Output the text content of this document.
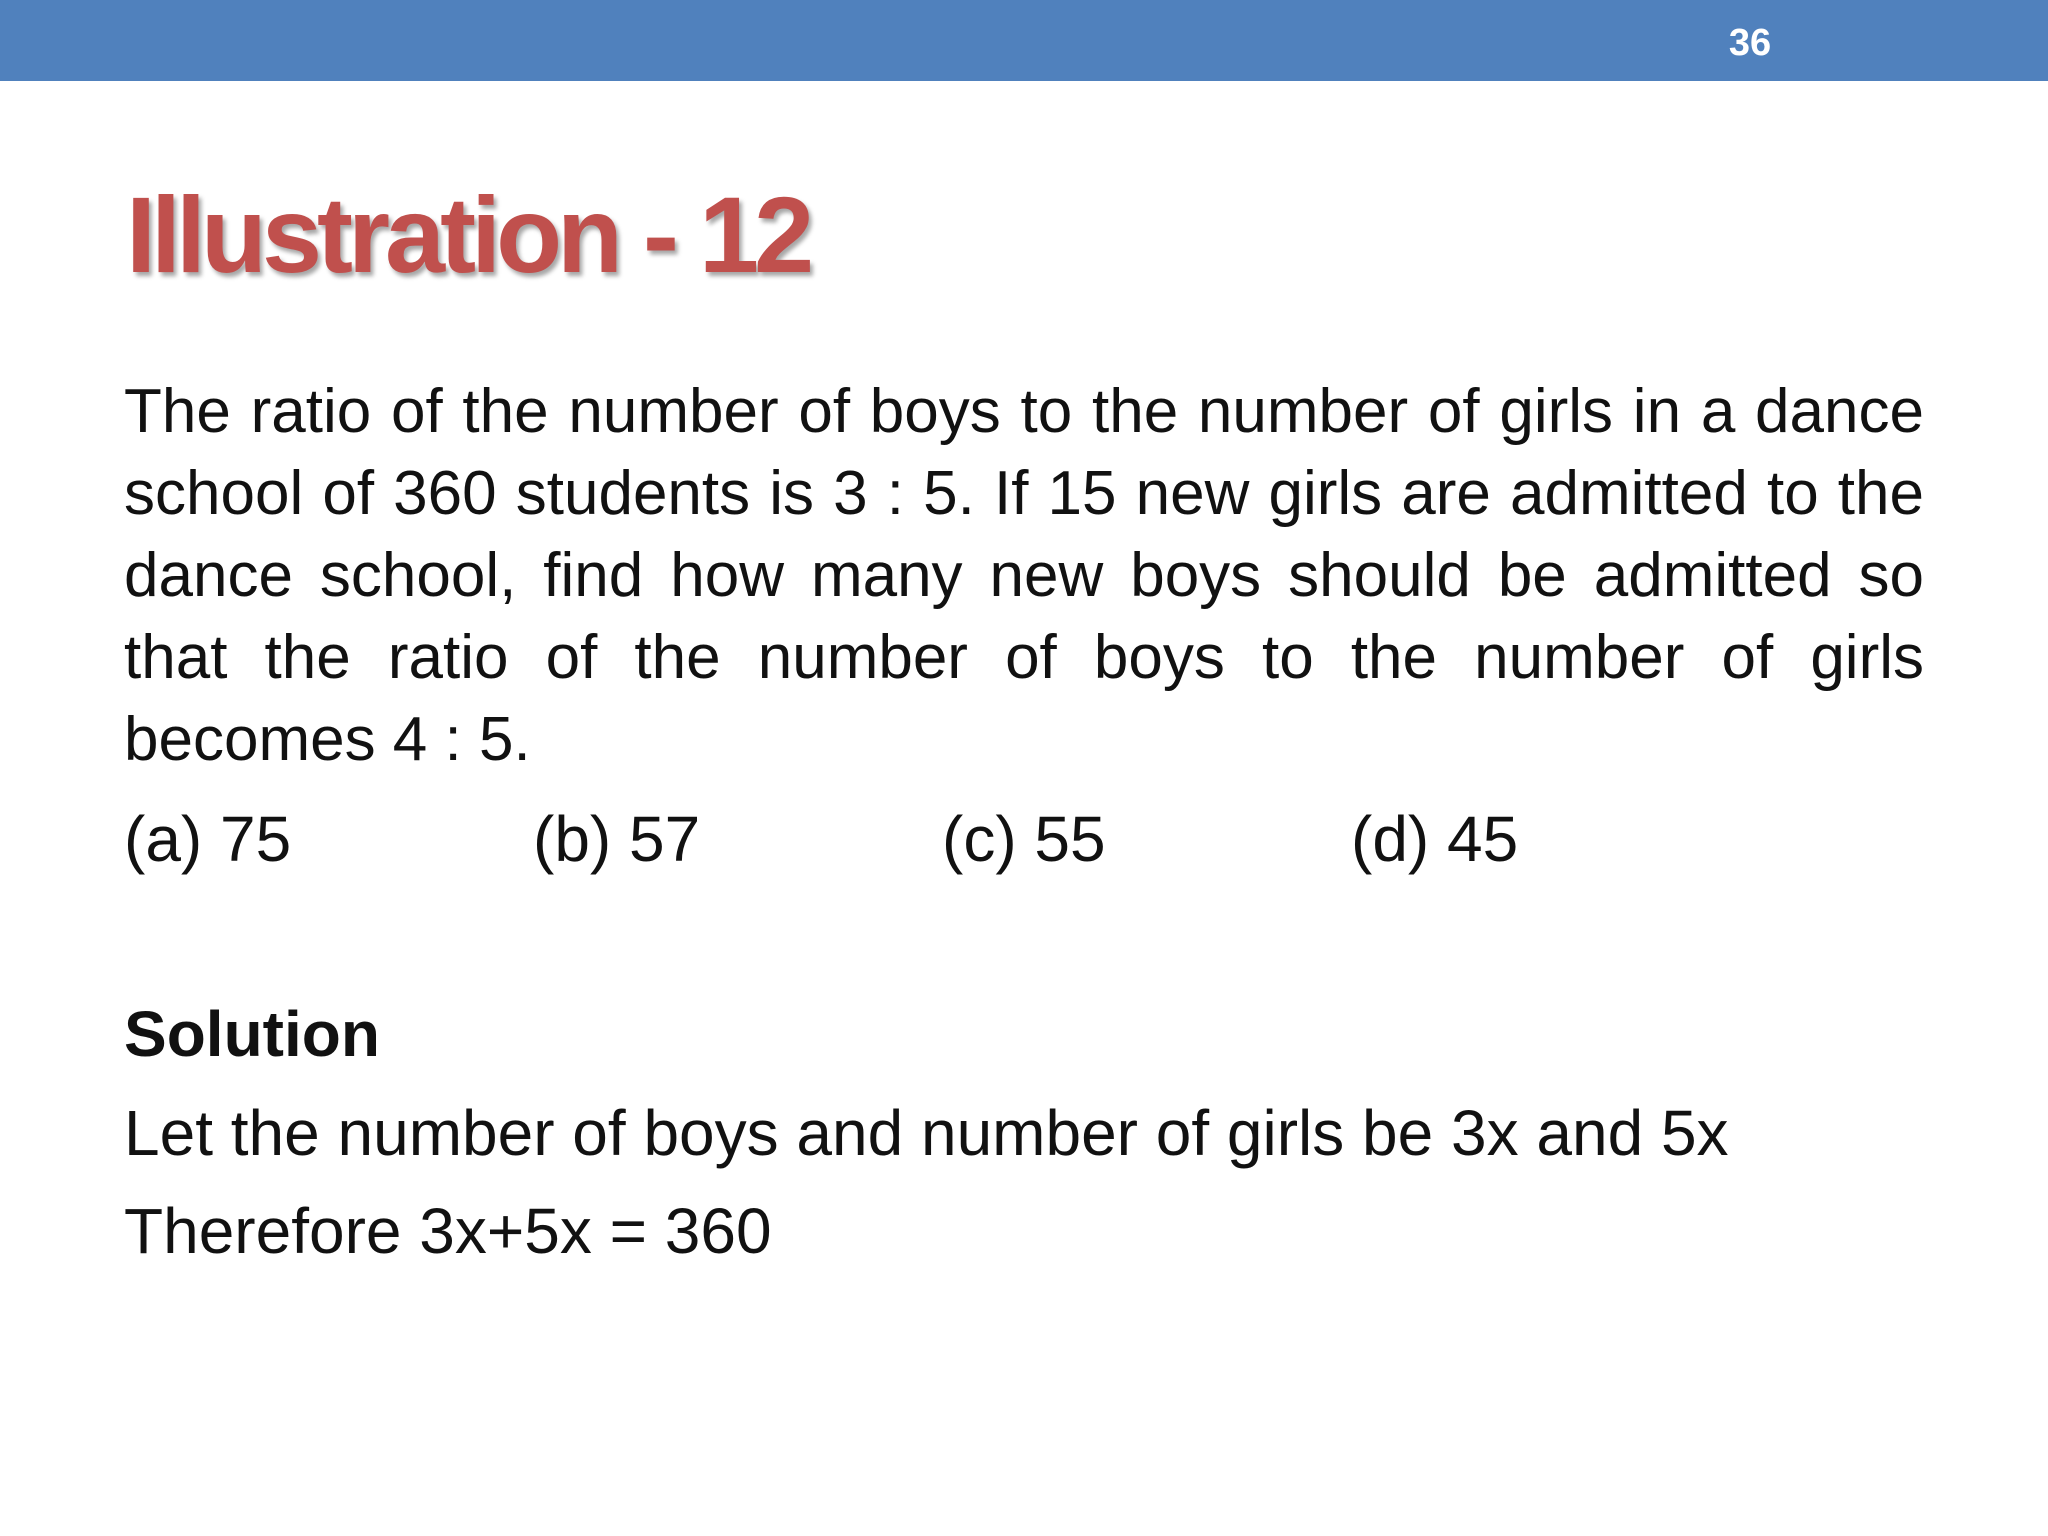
36
Illustration - 12

The ratio of the number of boys to the number of girls in a dance school of 360 students is 3 : 5. If 15 new girls are admitted to the dance school, find how many new boys should be admitted so that the ratio of the number of boys to the number of girls becomes 4 : 5.

(a) 75	(b) 57	(c) 55	(d) 45
Solution

Let the number of boys and number of girls be 3x and 5x

Therefore 3x+5x = 360
